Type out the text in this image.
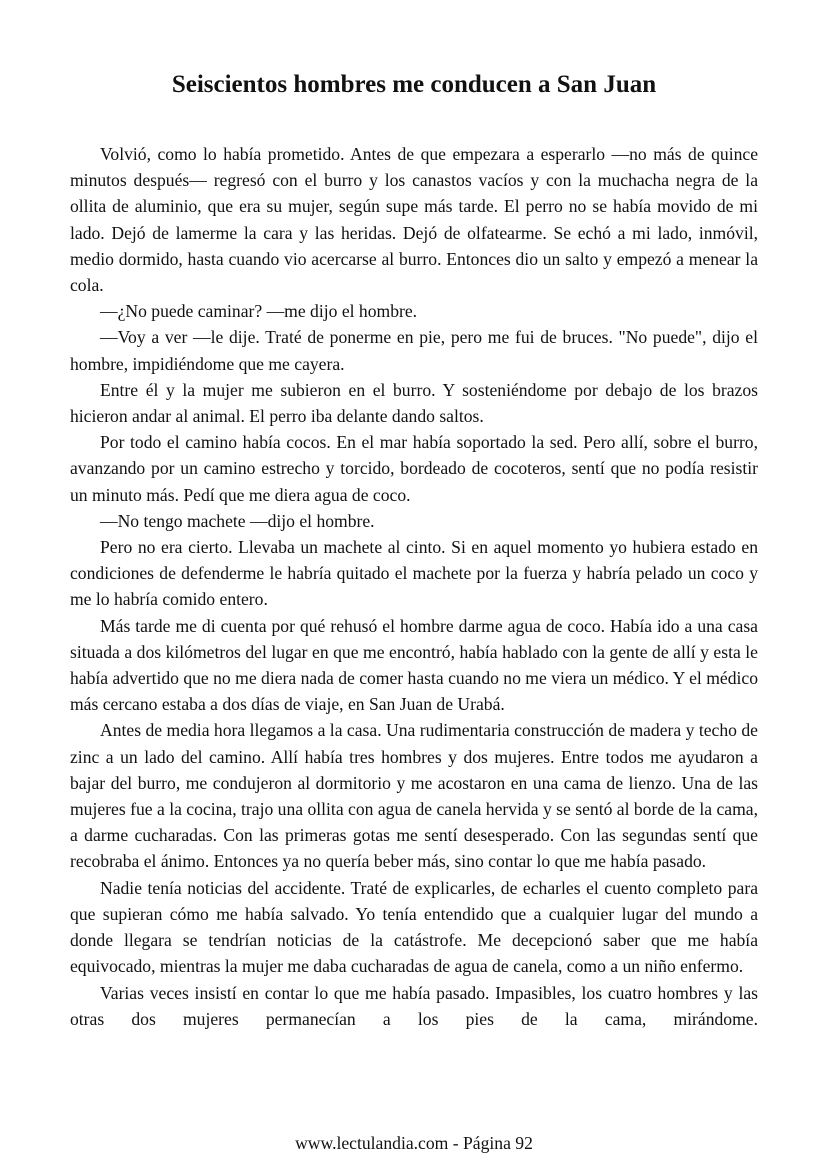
Seiscientos hombres me conducen a San Juan

Volvió, como lo había prometido. Antes de que empezara a esperarlo —no más de quince minutos después— regresó con el burro y los canastos vacíos y con la muchacha negra de la ollita de aluminio, que era su mujer, según supe más tarde. El perro no se había movido de mi lado. Dejó de lamerme la cara y las heridas. Dejó de olfatearme. Se echó a mi lado, inmóvil, medio dormido, hasta cuando vio acercarse al burro. Entonces dio un salto y empezó a menear la cola.

—¿No puede caminar? —me dijo el hombre.

—Voy a ver —le dije. Traté de ponerme en pie, pero me fui de bruces. "No puede", dijo el hombre, impidiéndome que me cayera.

Entre él y la mujer me subieron en el burro. Y sosteniéndome por debajo de los brazos hicieron andar al animal. El perro iba delante dando saltos.

Por todo el camino había cocos. En el mar había soportado la sed. Pero allí, sobre el burro, avanzando por un camino estrecho y torcido, bordeado de cocoteros, sentí que no podía resistir un minuto más. Pedí que me diera agua de coco.

—No tengo machete —dijo el hombre.

Pero no era cierto. Llevaba un machete al cinto. Si en aquel momento yo hubiera estado en condiciones de defenderme le habría quitado el machete por la fuerza y habría pelado un coco y me lo habría comido entero.

Más tarde me di cuenta por qué rehusó el hombre darme agua de coco. Había ido a una casa situada a dos kilómetros del lugar en que me encontró, había hablado con la gente de allí y esta le había advertido que no me diera nada de comer hasta cuando no me viera un médico. Y el médico más cercano estaba a dos días de viaje, en San Juan de Urabá.

Antes de media hora llegamos a la casa. Una rudimentaria construcción de madera y techo de zinc a un lado del camino. Allí había tres hombres y dos mujeres. Entre todos me ayudaron a bajar del burro, me condujeron al dormitorio y me acostaron en una cama de lienzo. Una de las mujeres fue a la cocina, trajo una ollita con agua de canela hervida y se sentó al borde de la cama, a darme cucharadas. Con las primeras gotas me sentí desesperado. Con las segundas sentí que recobraba el ánimo. Entonces ya no quería beber más, sino contar lo que me había pasado.

Nadie tenía noticias del accidente. Traté de explicarles, de echarles el cuento completo para que supieran cómo me había salvado. Yo tenía entendido que a cualquier lugar del mundo a donde llegara se tendrían noticias de la catástrofe. Me decepcionó saber que me había equivocado, mientras la mujer me daba cucharadas de agua de canela, como a un niño enfermo.

Varias veces insistí en contar lo que me había pasado. Impasibles, los cuatro hombres y las otras dos mujeres permanecían a los pies de la cama, mirándome.

www.lectulandia.com - Página 92
